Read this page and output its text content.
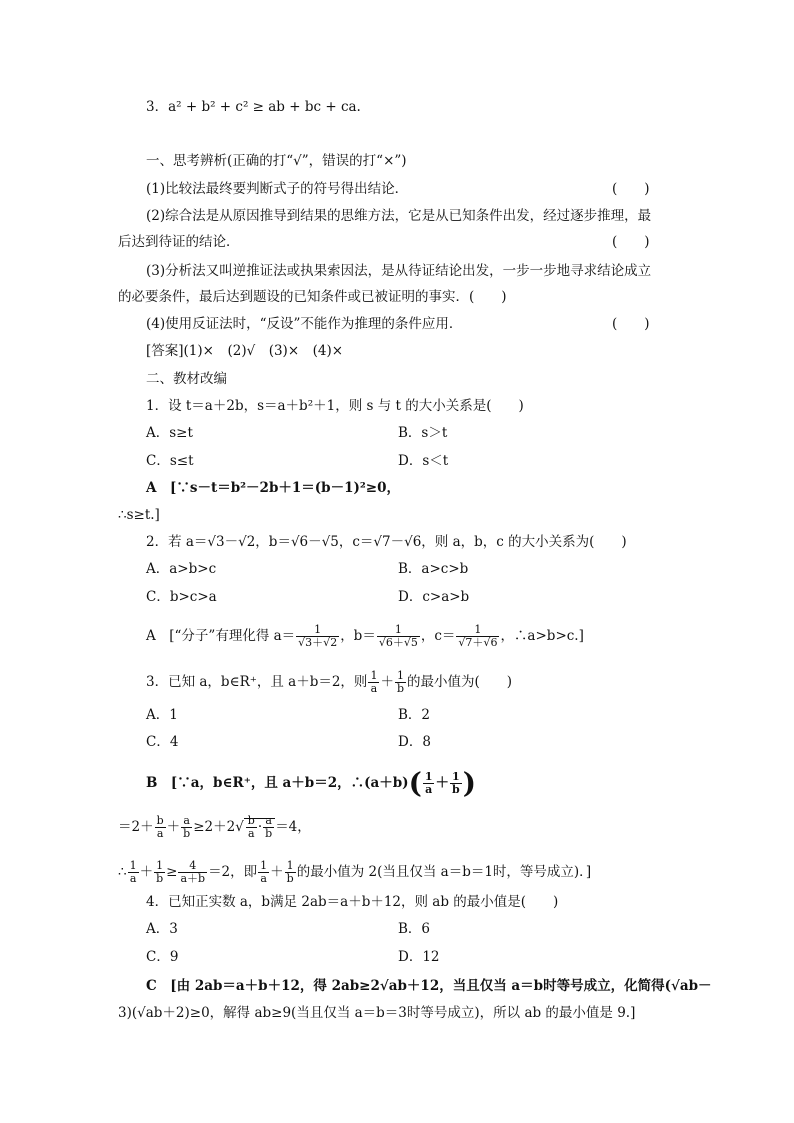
3．a² + b² + c² ≥ ab + bc + ca.
一、思考辨析(正确的打“√”，错误的打“×”)
(1)比较法最终要判断式子的符号得出结论．	(　　)
(2)综合法是从原因推导到结果的思维方法，它是从已知条件出发，经过逐步推理，最
后达到待证的结论．	(　　)
(3)分析法又叫逆推证法或执果索因法，是从待证结论出发，一步一步地寻求结论成立
的必要条件，最后达到题设的已知条件或已被证明的事实．(　　)
(4)使用反证法时，“反设”不能作为推理的条件应用．	(　　)
[答案](1)×　(2)√　(3)×　(4)×
二、教材改编
1．设 t＝a＋2b，s＝a＋b²＋1，则 s 与 t 的大小关系是(　　)
A．s≥t	B．s＞t
C．s≤t	D．s＜t
A　[∵s－t＝b²－2b＋1＝(b－1)²≥0，
∴s≥t.]
2．若 a＝√3－√2，b＝√6－√5，c＝√7－√6，则 a，b，c 的大小关系为(　　)
A．a>b>c	B．a>c>b
C．b>c>a	D．c>a>b
A　[“分子”有理化得 $a= \frac{1}{√3+√2}$ ，$b= \frac{1}{√6+√5}$ ，$c= \frac{1}{√7+√6}$ ，∴a>b>c.]
3．已知 a，b∈R⁺，且 a＋b＝2，则 $\frac{1}{a} + \frac{1}{b}$ 的最小值为(　　)
A．1	B．2
C．4	D．8
B　[∵a，b∈R⁺，且 a＋b＝2，∴(a＋b)( $\frac{1}{a} + \frac{1}{b}$ )
$=2+ \frac{b}{a} + \frac{a}{b} \ge 2+2√ \frac{b}{a} \cdot \frac{a}{b} =4$，
∴ $\frac{1}{a} + \frac{1}{b} \ge \frac{4}{a+b} =2$，即 $\frac{1}{a} + \frac{1}{b}$ 的最小值为 2(当且仅当 a＝b＝1时，等号成立)．]
4．已知正实数 a，b满足 2ab＝a＋b＋12，则 ab 的最小值是(　　)
A．3	B．6
C．9	D．12
C　[由 2ab＝a＋b＋12，得 2ab≥2√ab＋12，当且仅当 a＝b时等号成立，化简得(√ab－
3)(√ab＋2)≥0，解得 ab≥9(当且仅当 a＝b＝3时等号成立)，所以 ab 的最小值是 9.]
